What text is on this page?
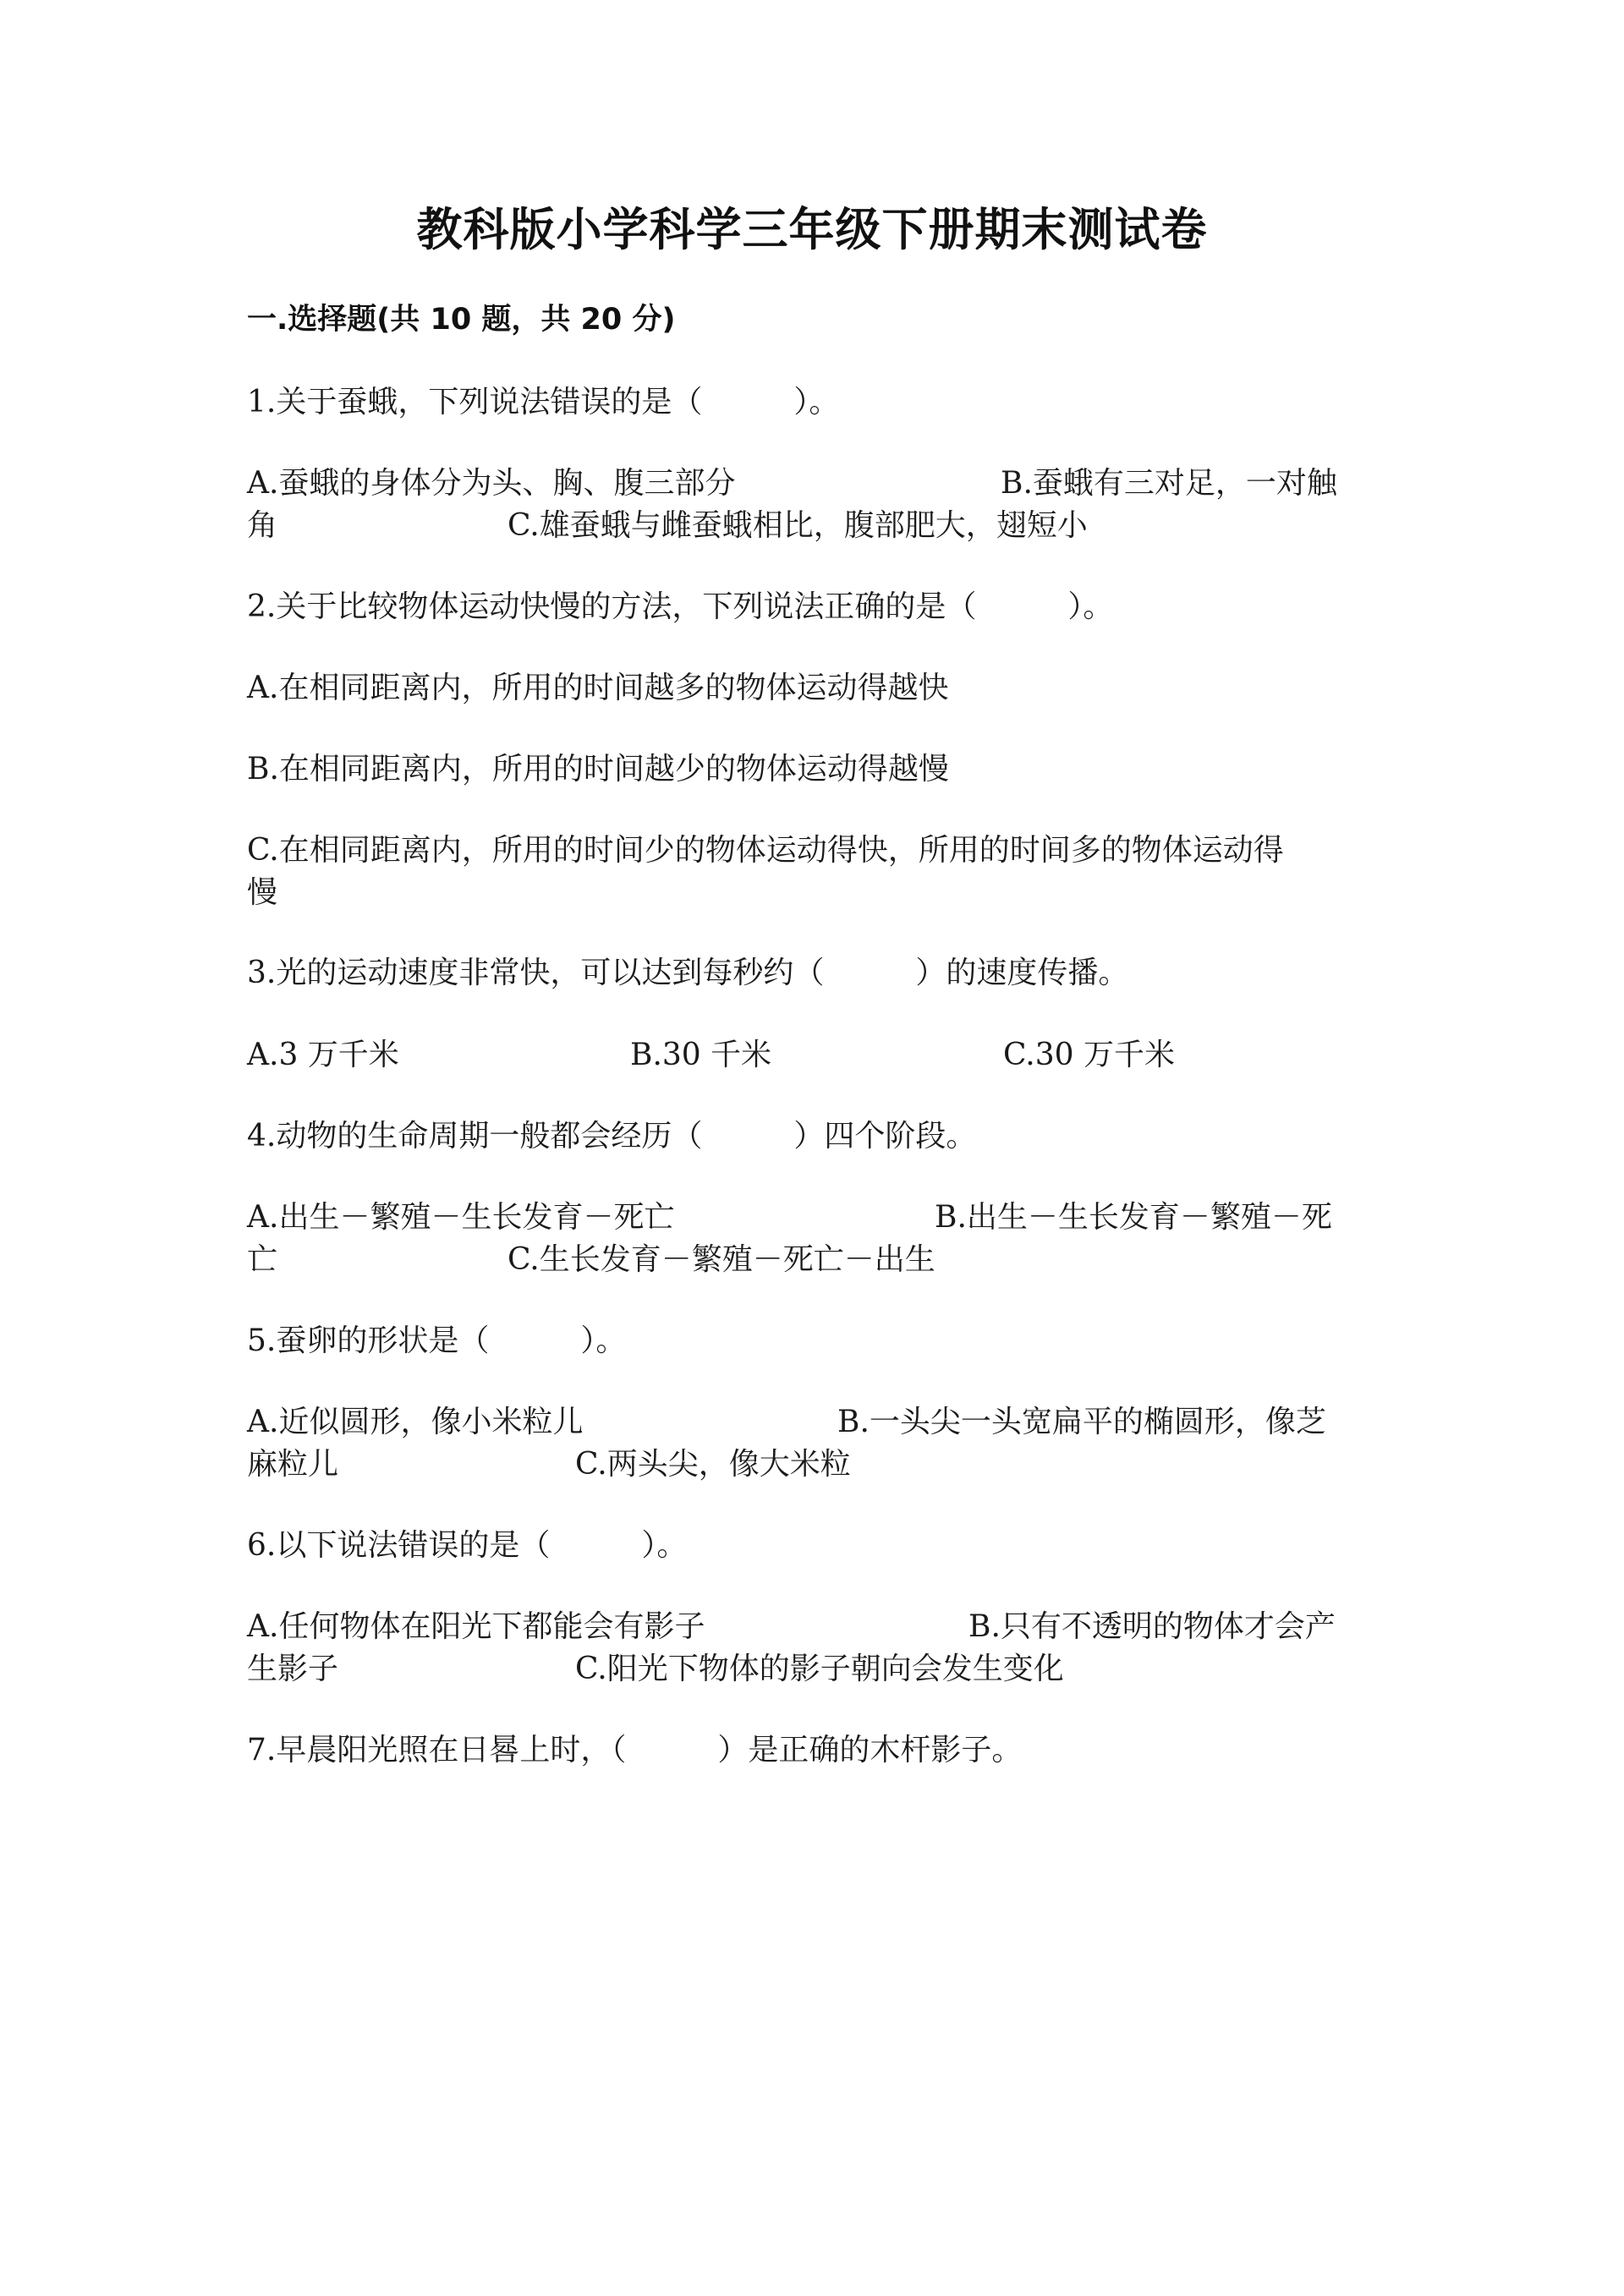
教科版小学科学三年级下册期末测试卷
一.选择题(共 10 题，共 20 分)
1.关于蚕蛾，下列说法错误的是（　　　）。
A.蚕蛾的身体分为头、胸、腹三部分	B.蚕蛾有三对足，一对触
角	C.雄蚕蛾与雌蚕蛾相比，腹部肥大，翅短小
2.关于比较物体运动快慢的方法，下列说法正确的是（　　　）。
A.在相同距离内，所用的时间越多的物体运动得越快
B.在相同距离内，所用的时间越少的物体运动得越慢
C.在相同距离内，所用的时间少的物体运动得快，所用的时间多的物体运动得
慢
3.光的运动速度非常快，可以达到每秒约（　　　）的速度传播。
A.3 万千米	B.30 千米	C.30 万千米
4.动物的生命周期一般都会经历（　　　）四个阶段。
A.出生－繁殖－生长发育－死亡	B.出生－生长发育－繁殖－死
亡	C.生长发育－繁殖－死亡－出生
5.蚕卵的形状是（　　　）。
A.近似圆形，像小米粒儿	B.一头尖一头宽扁平的椭圆形，像芝
麻粒儿	C.两头尖，像大米粒
6.以下说法错误的是（　　　）。
A.任何物体在阳光下都能会有影子	B.只有不透明的物体才会产
生影子	C.阳光下物体的影子朝向会发生变化
7.早晨阳光照在日晷上时，（　　　）是正确的木杆影子。
